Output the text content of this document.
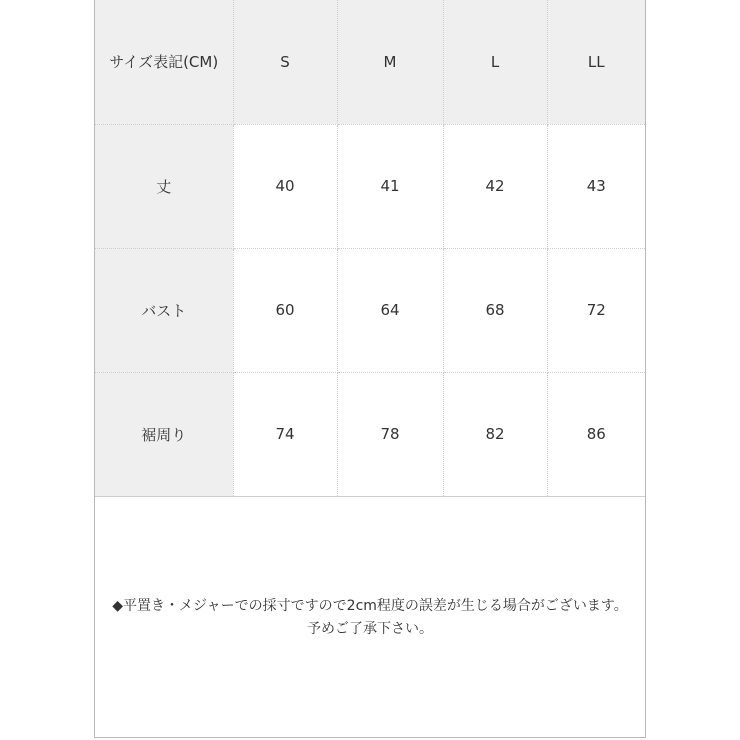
サイズ表記(CM)	S	M	L	LL
丈	40	41	42	43
バスト	60	64	68	72
裾周り	74	78	82	86
◆平置き・メジャーでの採寸ですので2cm程度の誤差が生じる場合がございます。
予めご了承下さい。
